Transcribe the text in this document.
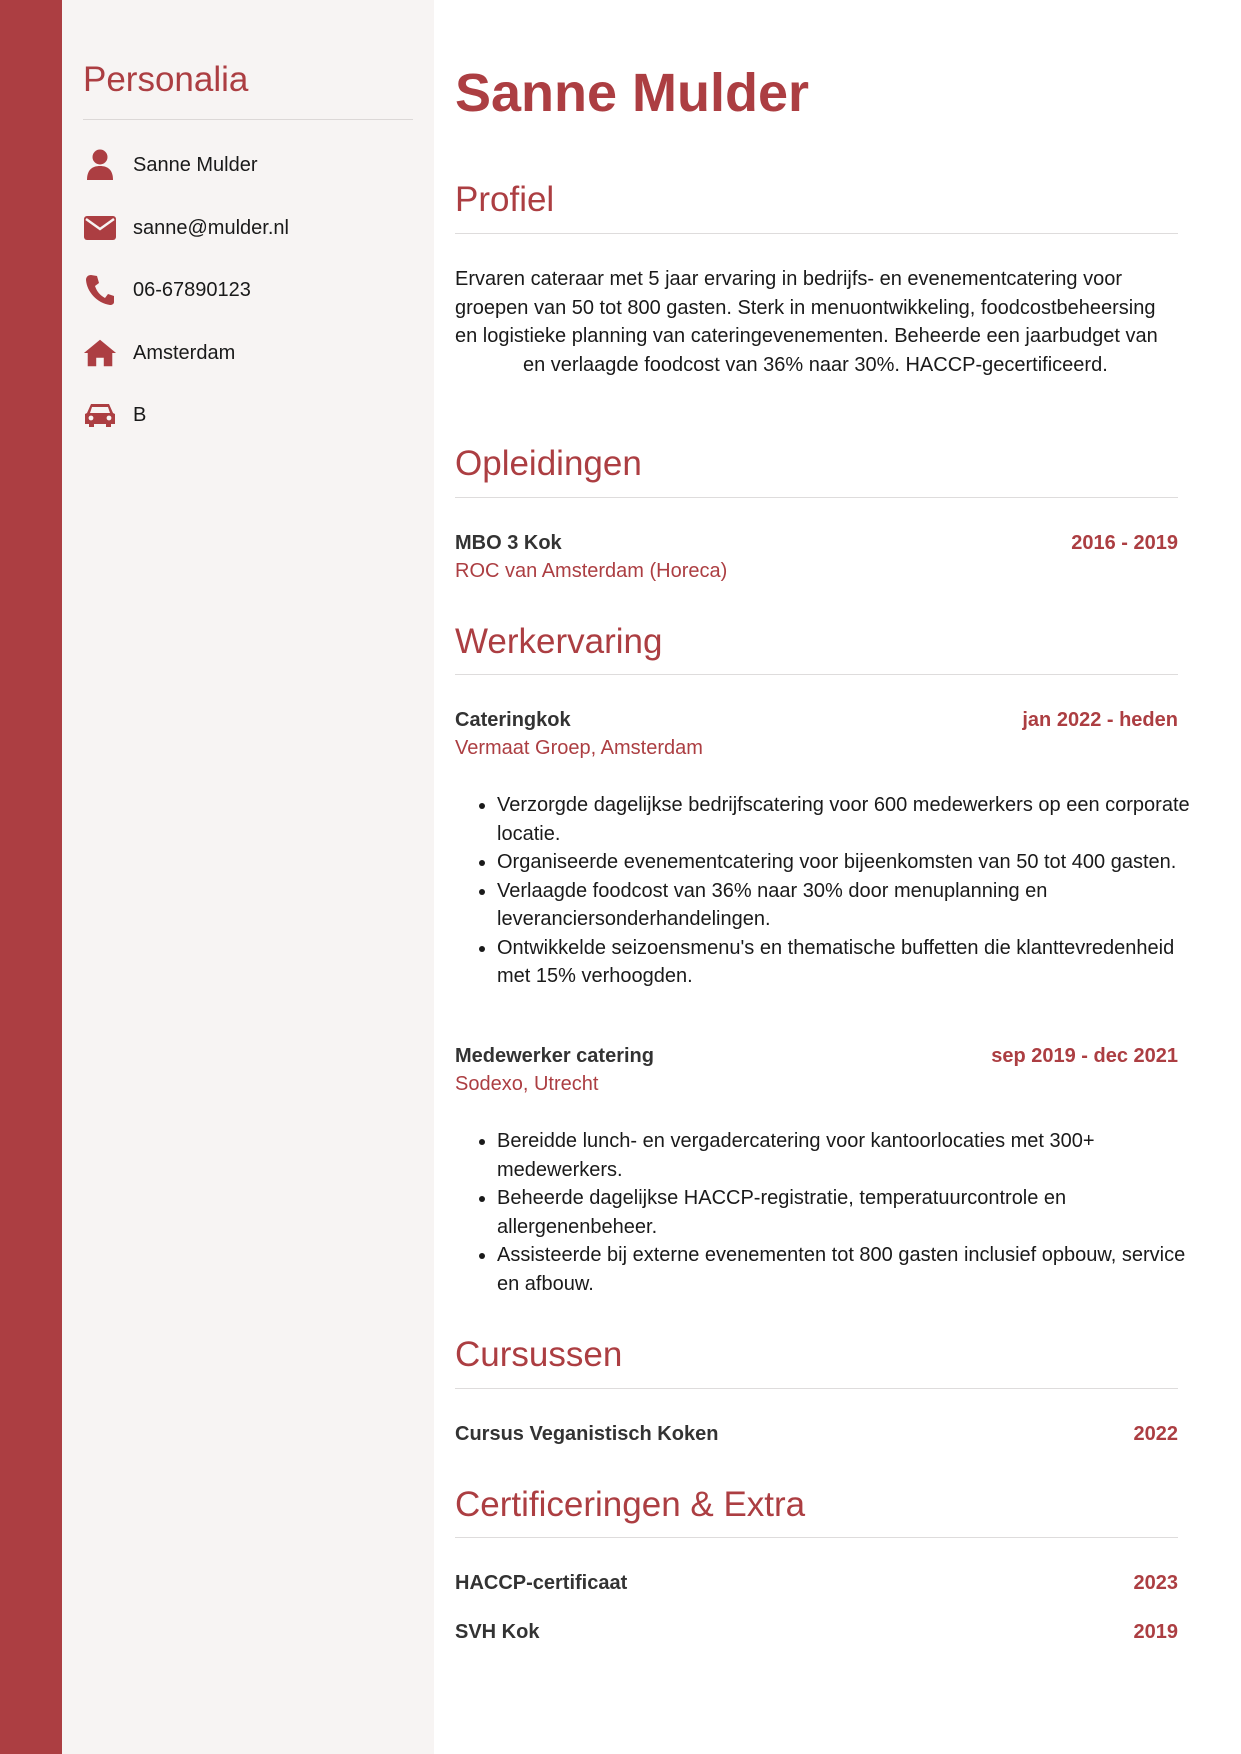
Personalia
Sanne Mulder
sanne@mulder.nl
06-67890123
Amsterdam
B
Sanne Mulder
Profiel

Ervaren cateraar met 5 jaar ervaring in bedrijfs- en evenementcatering voor groepen van 50 tot 800 gasten. Sterk in menuontwikkeling, foodcostbeheersing en logistieke planning van cateringevenementen. Beheerde een jaarbudget vanen verlaagde foodcost van 36% naar 30%. HACCP-gecertificeerd.

Opleidingen
MBO 3 Kok	2016 - 2019
ROC van Amsterdam (Horeca)
Werkervaring
Cateringkok	jan 2022 - heden
Vermaat Groep, Amsterdam
• Verzorgde dagelijkse bedrijfscatering voor 600 medewerkers op een corporate locatie.
• Organiseerde evenementcatering voor bijeenkomsten van 50 tot 400 gasten.
• Verlaagde foodcost van 36% naar 30% door menuplanning en leveranciersonderhandelingen.
• Ontwikkelde seizoensmenu's en thematische buffetten die klanttevredenheid met 15% verhoogden.
Medewerker catering	sep 2019 - dec 2021
Sodexo, Utrecht
• Bereidde lunch- en vergadercatering voor kantoorlocaties met 300+ medewerkers.
• Beheerde dagelijkse HACCP-registratie, temperatuurcontrole en allergenenbeheer.
• Assisteerde bij externe evenementen tot 800 gasten inclusief opbouw, service en afbouw.
Cursussen
Cursus Veganistisch Koken	2022
Certificeringen & Extra
HACCP-certificaat	2023
SVH Kok	2019
